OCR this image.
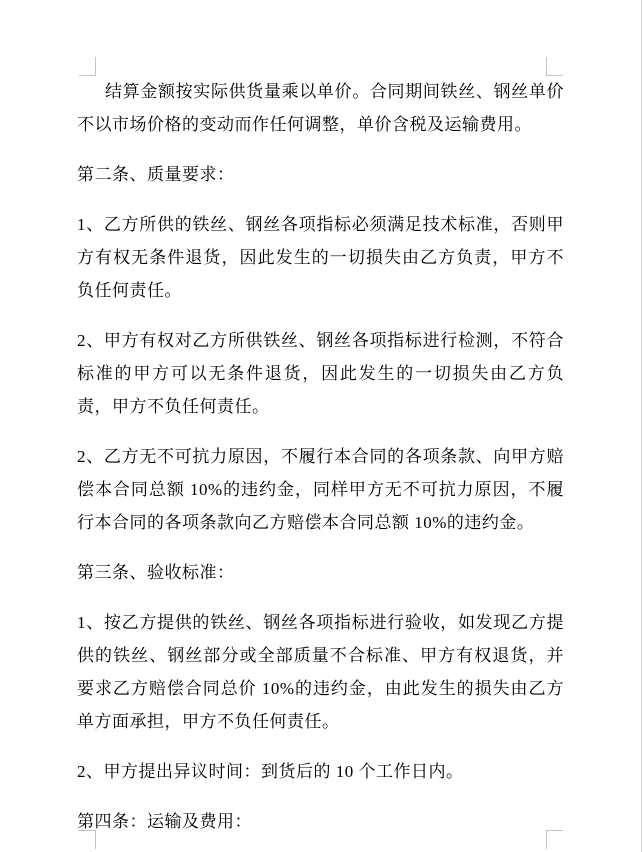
结算金额按实际供货量乘以单价。合同期间铁丝、钢丝单价不以市场价格的变动而作任何调整，单价含税及运输费用。

第二条、质量要求：

1、乙方所供的铁丝、钢丝各项指标必须满足技术标准，否则甲方有权无条件退货，因此发生的一切损失由乙方负责，甲方不负任何责任。

2、甲方有权对乙方所供铁丝、钢丝各项指标进行检测，不符合标准的甲方可以无条件退货，因此发生的一切损失由乙方负责，甲方不负任何责任。

2、乙方无不可抗力原因，不履行本合同的各项条款、向甲方赔偿本合同总额 10%的违约金，同样甲方无不可抗力原因，不履行本合同的各项条款向乙方赔偿本合同总额 10%的违约金。

第三条、验收标准：

1、按乙方提供的铁丝、钢丝各项指标进行验收，如发现乙方提供的铁丝、钢丝部分或全部质量不合标准、甲方有权退货，并要求乙方赔偿合同总价 10%的违约金，由此发生的损失由乙方单方面承担，甲方不负任何责任。

2、甲方提出异议时间：到货后的 10 个工作日内。

第四条：运输及费用：
